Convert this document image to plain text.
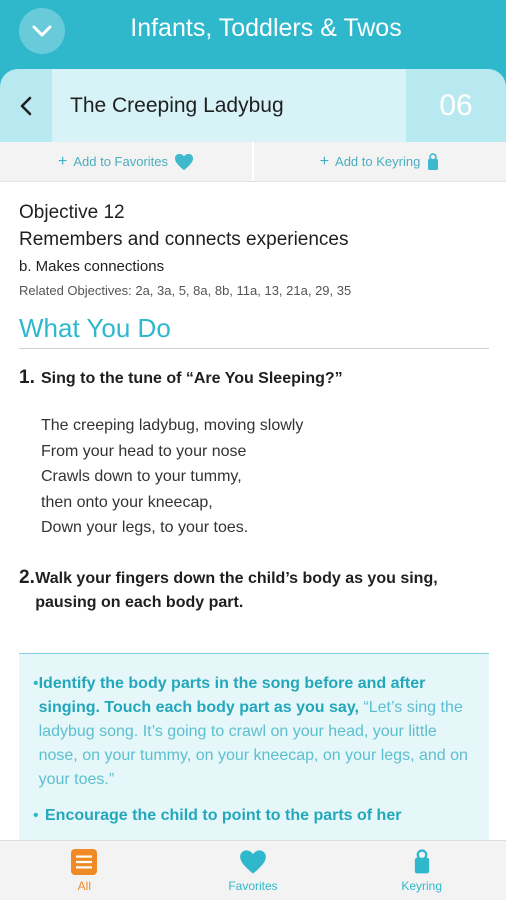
Infants, Toddlers & Twos
The Creeping Ladybug	06
+ Add to Favorites	+ Add to Keyring
Objective 12
Remembers and connects experiences
b. Makes connections
Related Objectives: 2a, 3a, 5, 8a, 8b, 11a, 13, 21a, 29, 35
What You Do
1. Sing to the tune of “Are You Sleeping?”
The creeping ladybug, moving slowly
From your head to your nose
Crawls down to your tummy,
then onto your kneecap,
Down your legs, to your toes.
2. Walk your fingers down the child’s body as you sing, pausing on each body part.
• Identify the body parts in the song before and after singing. Touch each body part as you say, “Let’s sing the ladybug song. It’s going to crawl on your head, your little nose, on your tummy, on your kneecap, on your legs, and on your toes.”
• Encourage the child to point to the parts of her
All	Favorites	Keyring
